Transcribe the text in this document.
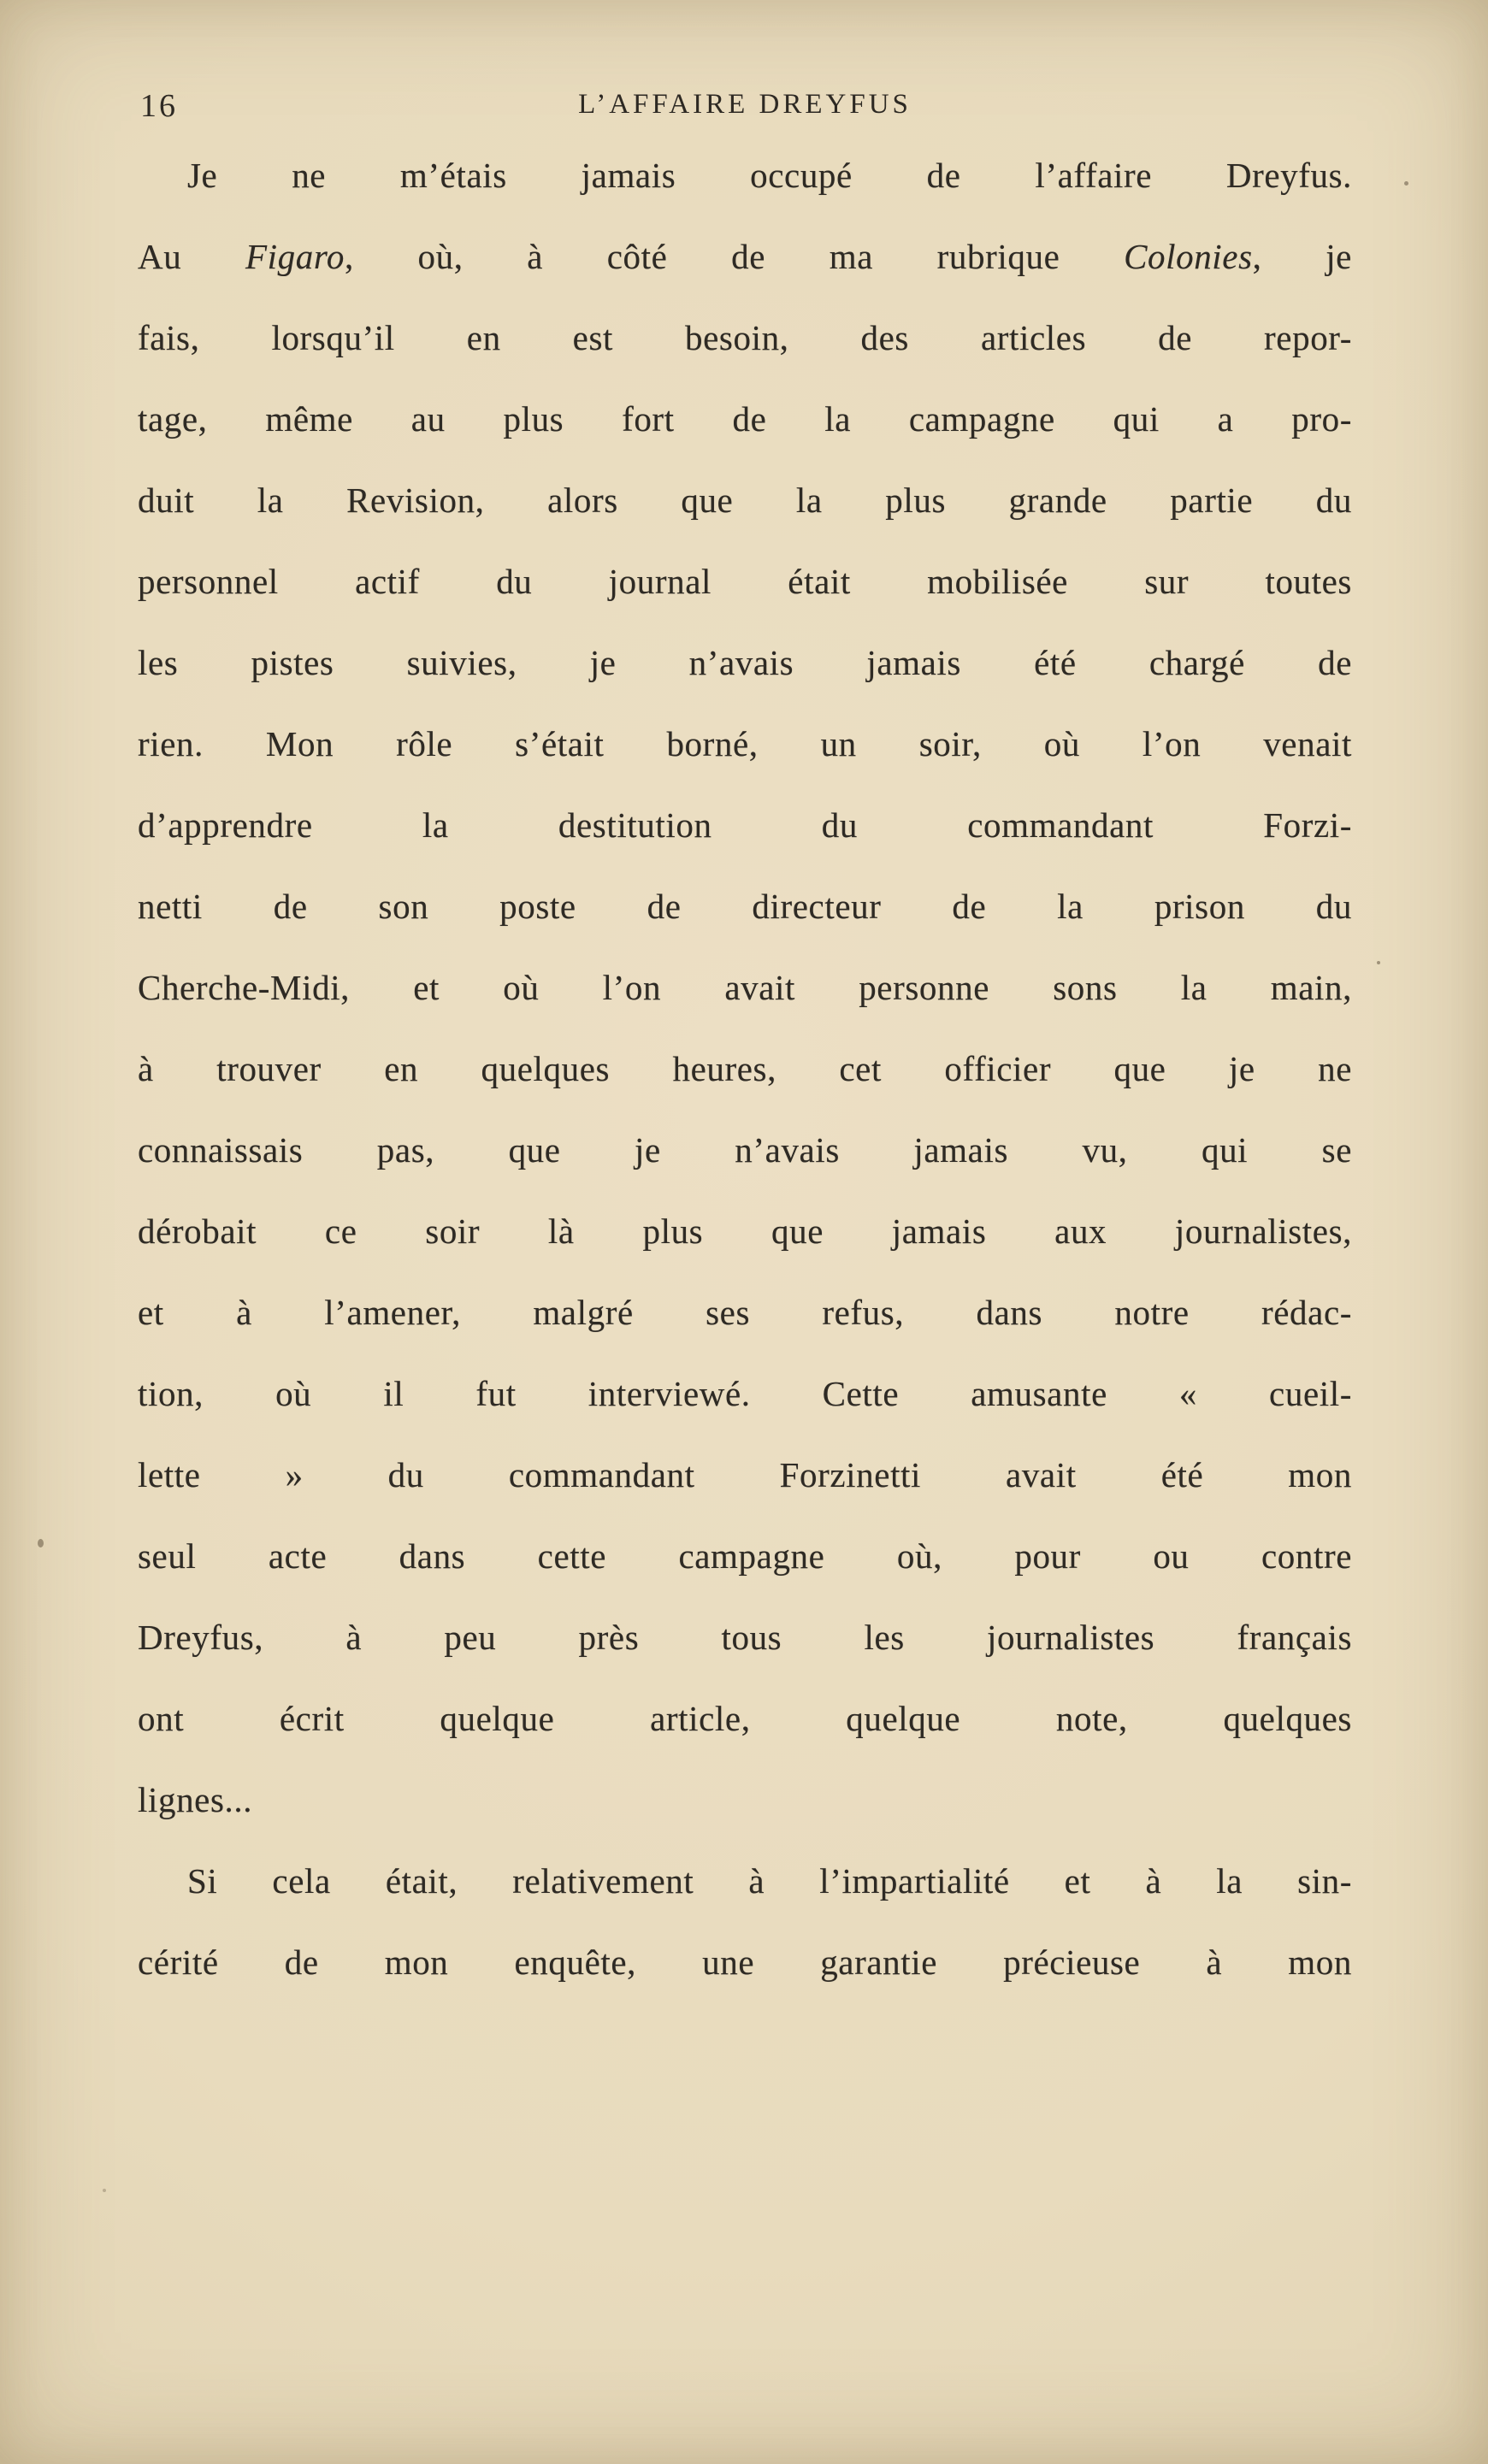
16	L’AFFAIRE DREYFUS
Je ne m’étais jamais occupé de l’affaire Dreyfus.
Au Figaro, où, à côté de ma rubrique Colonies, je
fais, lorsqu’il en est besoin, des articles de repor-
tage, même au plus fort de la campagne qui a pro-
duit la Revision, alors que la plus grande partie du
personnel actif du journal était mobilisée sur toutes
les pistes suivies, je n’avais jamais été chargé de
rien. Mon rôle s’était borné, un soir, où l’on venait
d’apprendre la destitution du commandant Forzi-
netti de son poste de directeur de la prison du
Cherche-Midi, et où l’on avait personne sons la main,
à trouver en quelques heures, cet officier que je ne
connaissais pas, que je n’avais jamais vu, qui se
dérobait ce soir là plus que jamais aux journalistes,
et à l’amener, malgré ses refus, dans notre rédac-
tion, où il fut interviewé. Cette amusante « cueil-
lette » du commandant Forzinetti avait été mon
seul acte dans cette campagne où, pour ou contre
Dreyfus, à peu près tous les journalistes français
ont écrit quelque article, quelque note, quelques
lignes...
Si cela était, relativement à l’impartialité et à la sin-
cérité de mon enquête, une garantie précieuse à mon
